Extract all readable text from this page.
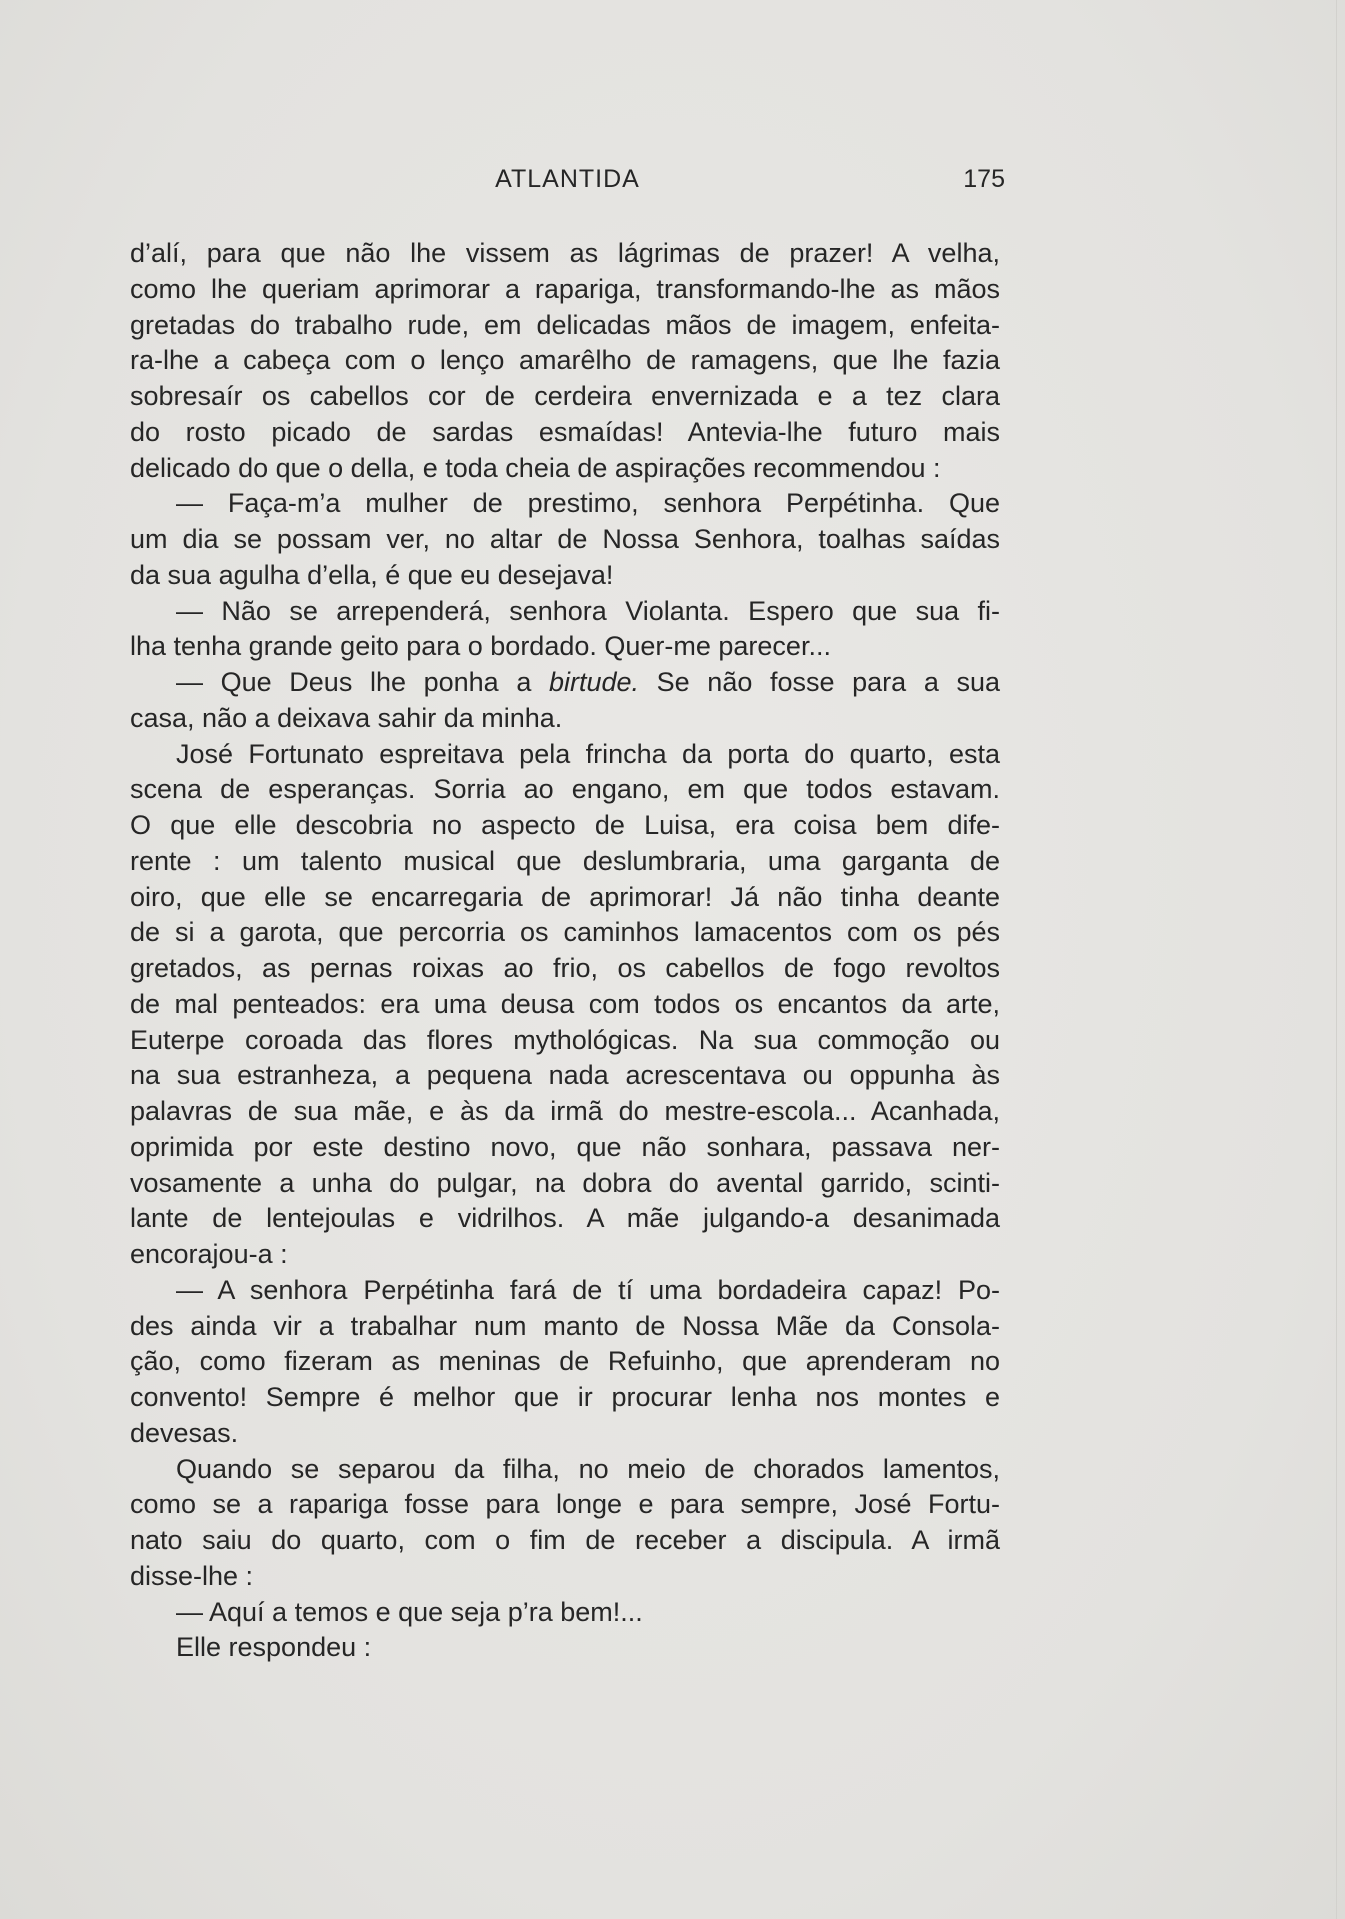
ATLANTIDA	175
d’alí, para que não lhe vissem as lágrimas de prazer! A velha,
como lhe queriam aprimorar a rapariga, transformando-lhe as mãos
gretadas do trabalho rude, em delicadas mãos de imagem, enfeita-
ra-lhe a cabeça com o lenço amarêlho de ramagens, que lhe fazia
sobresaír os cabellos cor de cerdeira envernizada e a tez clara
do rosto picado de sardas esmaídas! Antevia-lhe futuro mais
delicado do que o della, e toda cheia de aspirações recommendou :
— Faça-m’a mulher de prestimo, senhora Perpétinha. Que
um dia se possam ver, no altar de Nossa Senhora, toalhas saídas
da sua agulha d’ella, é que eu desejava!
— Não se arrependerá, senhora Violanta. Espero que sua fi-
lha tenha grande geito para o bordado. Quer-me parecer...
— Que Deus lhe ponha a birtude. Se não fosse para a sua
casa, não a deixava sahir da minha.
José Fortunato espreitava pela frincha da porta do quarto, esta
scena de esperanças. Sorria ao engano, em que todos estavam.
O que elle descobria no aspecto de Luisa, era coisa bem dife-
rente : um talento musical que deslumbraria, uma garganta de
oiro, que elle se encarregaria de aprimorar! Já não tinha deante
de si a garota, que percorria os caminhos lamacentos com os pés
gretados, as pernas roixas ao frio, os cabellos de fogo revoltos
de mal penteados: era uma deusa com todos os encantos da arte,
Euterpe coroada das flores mythológicas. Na sua commoção ou
na sua estranheza, a pequena nada acrescentava ou oppunha às
palavras de sua mãe, e às da irmã do mestre-escola... Acanhada,
oprimida por este destino novo, que não sonhara, passava ner-
vosamente a unha do pulgar, na dobra do avental garrido, scinti-
lante de lentejoulas e vidrilhos. A mãe julgando-a desanimada
encorajou-a :
— A senhora Perpétinha fará de tí uma bordadeira capaz! Po-
des ainda vir a trabalhar num manto de Nossa Mãe da Consola-
ção, como fizeram as meninas de Refuinho, que aprenderam no
convento! Sempre é melhor que ir procurar lenha nos montes e
devesas.
Quando se separou da filha, no meio de chorados lamentos,
como se a rapariga fosse para longe e para sempre, José Fortu-
nato saiu do quarto, com o fim de receber a discipula. A irmã
disse-lhe :
— Aquí a temos e que seja p’ra bem!...
Elle respondeu :
